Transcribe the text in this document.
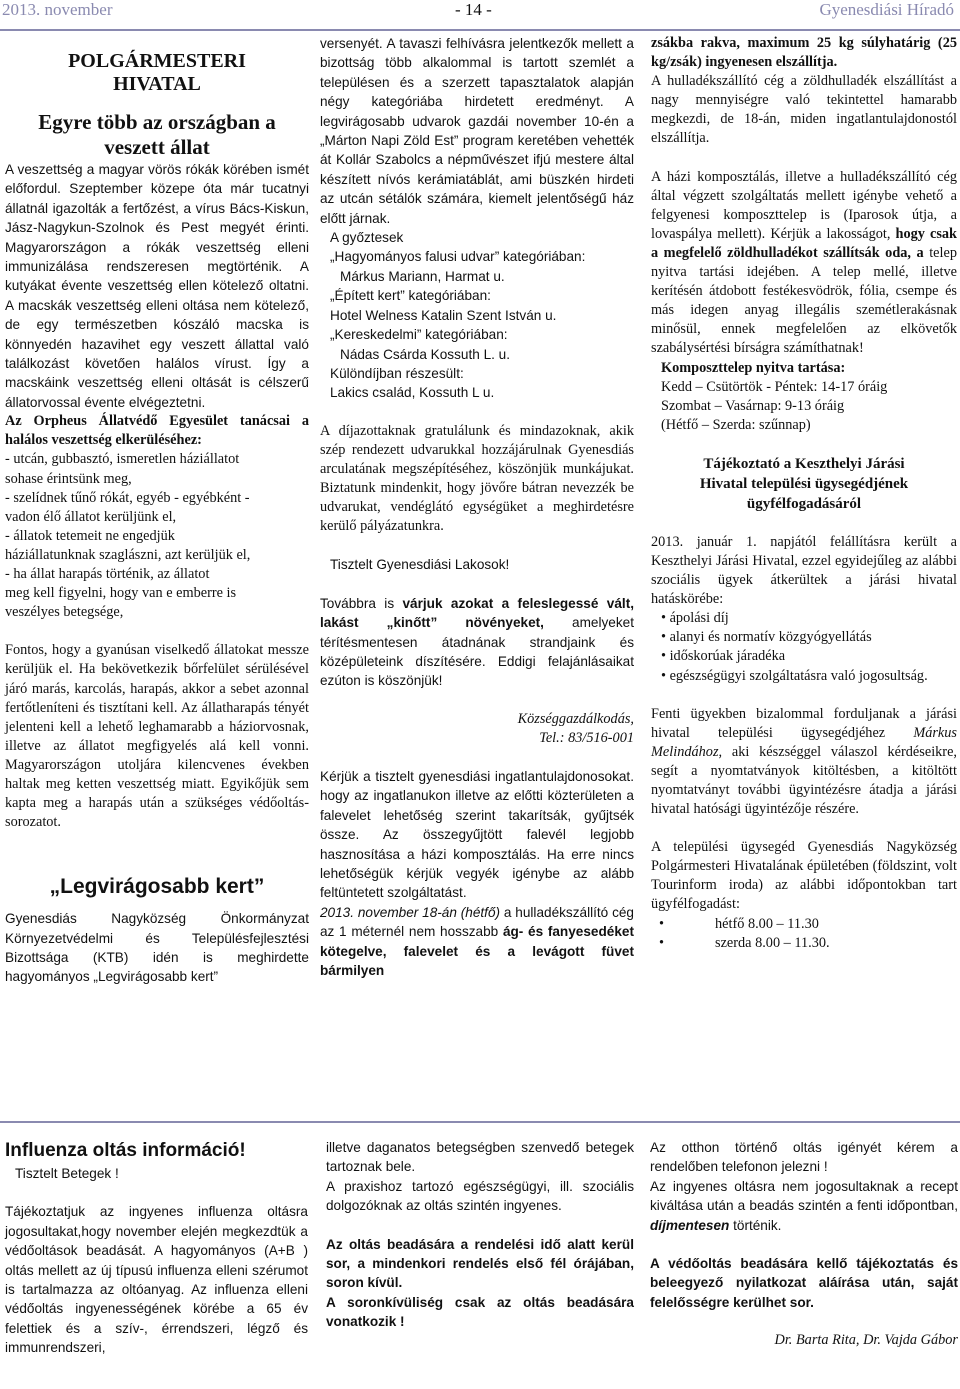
2013. november	- 14 -	Gyenesdiási Híradó

POLGÁRMESTERI

HIVATAL

Egyre több az országban a

veszett állat

A veszettség a magyar vörös rókák körében ismét előfordul. Szeptember közepe óta már tucatnyi állatnál igazolták a fertőzést, a vírus Bács-Kiskun, Jász-Nagykun-Szolnok és Pest megyét érinti. Magyarországon a rókák veszettség elleni immunizálása rendszeresen megtörténik. A kutyákat évente veszettség ellen kötelező oltatni. A macskák veszettség elleni oltása nem kötelező, de egy természetben kószáló macska is könnyedén hazavihet egy veszett állattal való találkozást követően halálos vírust. Így a macskáink veszettség elleni oltását is célszerű állatorvossal évente elvégeztetni.

Az Orpheus Állatvédő Egyesület tanácsai a halálos veszettség elkerüléséhez:

- utcán, gubbasztó, ismeretlen háziállatot

sohase érintsünk meg,

- szelídnek tűnő rókát, egyéb - egyébként -

vadon élő állatot kerüljünk el,

- állatok tetemeit ne engedjük

háziállatunknak szaglászni, azt kerüljük el,

- ha állat harapás történik, az állatot

meg kell figyelni, hogy van e emberre is

veszélyes betegsége,

Fontos, hogy a gyanúsan viselkedő állatokat messze kerüljük el. Ha bekövetkezik bőrfelület sérülésével járó marás, karcolás, harapás, akkor a sebet azonnal fertőtleníteni és tisztítani kell. Az állatharapás tényét jelenteni kell a lehető leghamarabb a háziorvosnak, illetve az állatot megfigyelés alá kell vonni. Magyarországon utoljára kilencvenes években haltak meg ketten veszettség miatt. Egyikőjük sem kapta meg a harapás után a szükséges védőoltás-sorozatot.

„Legvirágosabb kert”

Gyenesdiás Nagyközség Önkormányzat Környezetvédelmi és Településfejlesztési Bizottsága (KTB) idén is meghirdette hagyományos „Legvirágosabb kert”

versenyét. A tavaszi felhívásra jelentkezők mellett a bizottság több alkalommal is tartott szemlét a településen és a szerzett tapasztalatok alapján négy kategóriába hirdetett eredményt. A legvirágosabb udvarok gazdái november 10-én a „Márton Napi Zöld Est” program keretében vehették át Kollár Szabolcs a népművészet ifjú mestere által készített nívós kerámiatáblát, ami büszkén hirdeti az utcán sétálók számára, kiemelt jelentőségű ház előtt járnak.

A győztesek

„Hagyományos falusi udvar” kategóriában:

Márkus Mariann, Harmat u.

„Épített kert” kategóriában:

Hotel Welness Katalin Szent István u.

„Kereskedelmi” kategóriában:

Nádas Csárda Kossuth L. u.

Különdíjban részesült:

Lakics család, Kossuth L u.

A díjazottaknak gratulálunk és mindazoknak, akik szép rendezett udvarukkal hozzájárulnak Gyenesdiás arculatának megszépítéséhez, köszönjük munkájukat. Biztatunk mindenkit, hogy jövőre bátran nevezzék be udvarukat, vendéglátó egységüket a meghirdetésre kerülő pályázatunkra.

Tisztelt Gyenesdiási Lakosok!

Továbbra is várjuk azokat a feleslegessé vált, lakást „kinőtt” növényeket, amelyeket térítésmentesen átadnának strandjaink és középületeink díszítésére. Eddigi felajánlásaikat ezúton is köszönjük!

Községgazdálkodás,

Tel.: 83/516-001

Kérjük a tisztelt gyenesdiási ingatlantulajdonosokat. hogy az ingatlanukon illetve az előtti közterületen a falevelet lehetőség szerint takarítsák, gyűjtsék össze. Az összegyűjtött falevél legjobb hasznosítása a házi komposztálás. Ha erre nincs lehetőségük kérjük vegyék igénybe az alább feltüntetett szolgáltatást.

2013. november 18-án (hétfő) a hulladékszállító cég az 1 méternél nem hosszabb ág- és fanyesedéket kötegelve, falevelet és a levágott füvet bármilyen

zsákba rakva, maximum 25 kg súlyhatárig (25 kg/zsák) ingyenesen elszállítja.

A hulladékszállító cég a zöldhulladék elszállítást a nagy mennyiségre való tekintettel hamarabb megkezdi, de 18-án, miden ingatlantulajdonostól elszállítja.

A házi komposztálás, illetve a hulladékszállító cég által végzett szolgáltatás mellett igénybe vehető a felgyenesi komposzttelep is (Iparosok útja, a lovaspálya mellett). Kérjük a lakosságot, hogy csak a megfelelő zöldhulladékot szállítsák oda, a telep nyitva tartási idejében. A telep mellé, illetve kerítésén átdobott festékesvödrök, fólia, csempe és más idegen anyag illegális szemétlerakásnak minősül, ennek megfelelően az elkövetők szabálysértési bírságra számíthatnak!

Komposzttelep nyitva tartása:

Kedd – Csütörtök - Péntek: 14-17 óráig

Szombat – Vasárnap: 9-13 óráig

(Hétfő – Szerda: szűnnap)

Tájékoztató a Keszthelyi Járási

Hivatal települési ügysegédjének

ügyfélfogadásáról

2013. január 1. napjától felállításra került a Keszthelyi Járási Hivatal, ezzel egyidejűleg az alábbi szociális ügyek átkerültek a járási hivatal hatáskörébe:

• ápolási díj

• alanyi és normatív közgyógyellátás

• időskorúak járadéka

• egészségügyi szolgáltatásra való jogosultság.

Fenti ügyekben bizalommal forduljanak a járási hivatal települési ügysegédjéhez Márkus Melindához, aki készséggel válaszol kérdéseikre, segít a nyomtatványok kitöltésben, a kitöltött nyomtatványt további ügyintézésre átadja a járási hivatal hatósági ügyintézője részére.

A települési ügysegéd Gyenesdiás Nagyközség Polgármesteri Hivatalának épületében (földszint, volt Tourinform iroda) az alábbi időpontokban tart ügyfélfogadást:

•	hétfő 8.00 – 11.30
•	szerda 8.00 – 11.30.

Influenza oltás információ!

Tisztelt Betegek !

Tájékoztatjuk az ingyenes influenza oltásra jogosultakat,hogy november elején megkezdtük a védőoltások beadását. A hagyományos (A+B ) oltás mellett az új típusú influenza elleni szérumot is tartalmazza az oltóanyag. Az influenza elleni védőoltás ingyenességének körébe a 65 év felettiek és a szív-, érrendszeri, légző és immunrendszeri,

illetve daganatos betegségben szenvedő betegek tartoznak bele.

A praxishoz tartozó egészségügyi, ill. szociális dolgozóknak az oltás szintén ingyenes.

Az oltás beadására a rendelési idő alatt kerül sor, a mindenkori rendelés első fél órájában, soron kívül.

A soronkívüliség csak az oltás beadására vonatkozik !

Az otthon történő oltás igényét kérem a rendelőben telefonon jelezni !

Az ingyenes oltásra nem jogosultaknak a recept kiváltása után a beadás szintén a fenti időpontban, díjmentesen történik.

A védőoltás beadására kellő tájékoztatás és beleegyező nyilatkozat aláírása után, saját felelősségre kerülhet sor.

Dr. Barta Rita, Dr. Vajda Gábor
